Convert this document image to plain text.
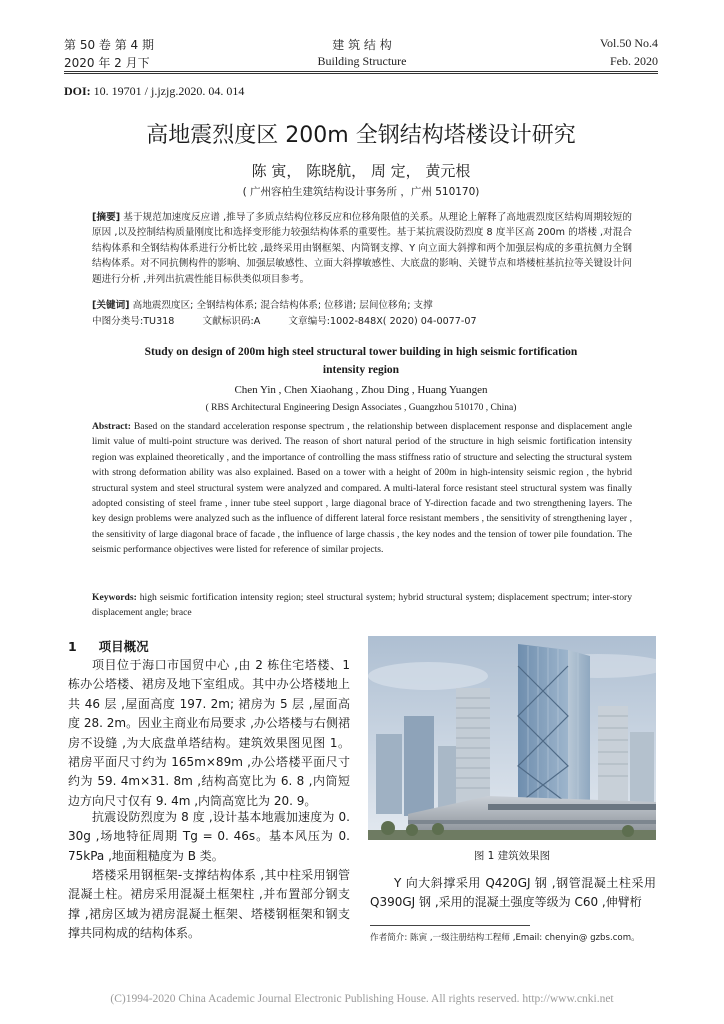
第 50 卷 第 4 期
2020 年 2 月下
建 筑 结 构
Building Structure
Vol.50 No.4
Feb. 2020
DOI: 10. 19701 / j.jzjg.2020. 04. 014
高地震烈度区 200m 全钢结构塔楼设计研究
陈 寅， 陈晓航， 周 定， 黄元根
( 广州容柏生建筑结构设计事务所 ，广州 510170)
[摘要] 基于规范加速度反应谱 ,推导了多质点结构位移反应和位移角限值的关系。从理论上解释了高地震烈度区结构周期较短的原因 ,以及控制结构质量刚度比和选择变形能力较强结构体系的重要性。基于某抗震设防烈度 8 度半区高 200m 的塔楼 ,对混合结构体系和全钢结构体系进行分析比较 ,最终采用由钢框架、内筒钢支撑、Y 向立面大斜撑和两个加强层构成的多重抗侧力全钢结构体系。对不同抗侧构件的影响、加强层敏感性、立面大斜撑敏感性、大底盘的影响、关键节点和塔楼桩基抗拉等关键设计问题进行分析 ,并列出抗震性能目标供类似项目参考。
[关键词] 高地震烈度区; 全钢结构体系; 混合结构体系; 位移谱; 层间位移角; 支撑
中图分类号:TU318	文献标识码:A	文章编号:1002-848X( 2020) 04-0077-07
Study on design of 200m high steel structural tower building in high seismic fortification
intensity region
Chen Yin , Chen Xiaohang , Zhou Ding , Huang Yuangen
( RBS Architectural Engineering Design Associates , Guangzhou 510170 , China)
Abstract: Based on the standard acceleration response spectrum , the relationship between displacement response and displacement angle limit value of multi-point structure was derived. The reason of short natural period of the structure in high seismic fortification intensity region was explained theoretically , and the importance of controlling the mass stiffness ratio of structure and selecting the structural system with strong deformation ability was also explained. Based on a tower with a height of 200m in high-intensity seismic region , the hybrid structural system and steel structural system were analyzed and compared. A multi-lateral force resistant steel structural system was finally adopted consisting of steel frame , inner tube steel support , large diagonal brace of Y-direction facade and two strengthening layers. The key design problems were analyzed such as the influence of different lateral force resistant members , the sensitivity of strengthening layer , the sensitivity of large diagonal brace of facade , the influence of large chassis , the key nodes and the tension of tower pile foundation. The seismic performance objectives were listed for reference of similar projects.
Keywords: high seismic fortification intensity region; steel structural system; hybrid structural system; displacement spectrum; inter-story displacement angle; brace
1 项目概况
项目位于海口市国贸中心 ,由 2 栋住宅塔楼、1 栋办公塔楼、裙房及地下室组成。其中办公塔楼地上共 46 层 ,屋面高度 197. 2m; 裙房为 5 层 ,屋面高度 28. 2m。因业主商业布局要求 ,办公塔楼与右侧裙房不设缝 ,为大底盘单塔结构。建筑效果图见图 1。裙房平面尺寸约为 165m×89m ,办公塔楼平面尺寸约为 59. 4m×31. 8m ,结构高宽比为 6. 8 ,内筒短边方向尺寸仅有 9. 4m ,内筒高宽比为 20. 9。
抗震设防烈度为 8 度 ,设计基本地震加速度为 0. 30g ,场地特征周期 Tg = 0. 46s。基本风压为 0. 75kPa ,地面粗糙度为 B 类。
塔楼采用钢框架-支撑结构体系 ,其中柱采用钢管混凝土柱。裙房采用混凝土框架柱 ,并布置部分钢支撑 ,裙房区域为裙房混凝土框架、塔楼钢框架和钢支撑共同构成的结构体系。
图 1 建筑效果图
Y 向大斜撑采用 Q420GJ 钢 ,钢管混凝土柱采用 Q390GJ 钢 ,采用的混凝土强度等级为 C60 ,伸臂桁
作者简介: 陈寅 ,一级注册结构工程师 ,Email: chenyin@ gzbs.com。
(C)1994-2020 China Academic Journal Electronic Publishing House. All rights reserved. http://www.cnki.net
